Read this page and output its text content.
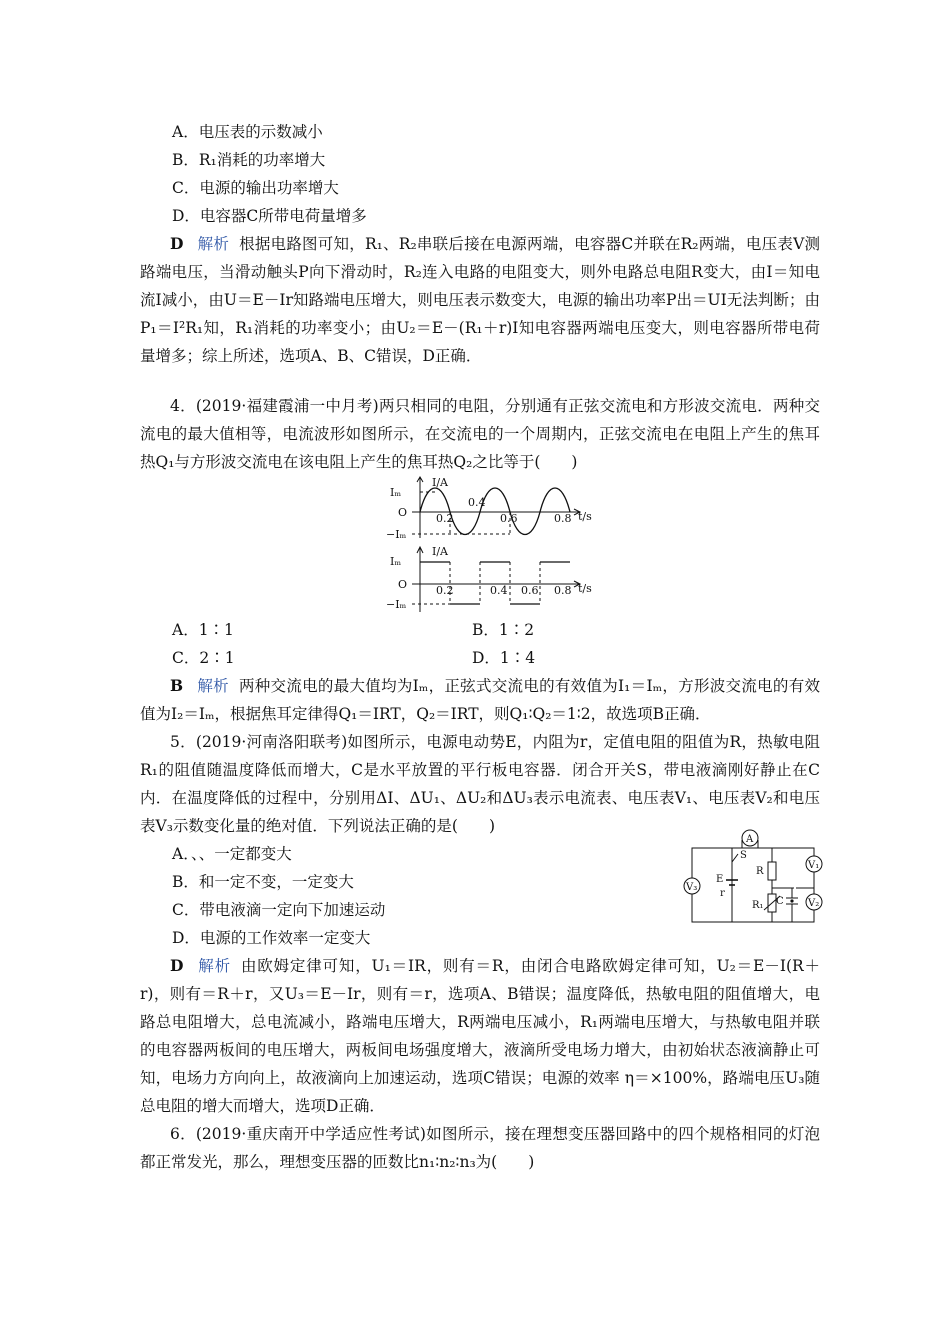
A．电压表的示数减小
B．R₁消耗的功率增大
C．电源的输出功率增大
D．电容器C所带电荷量增多
D 解析 根据电路图可知，R₁、R₂串联后接在电源两端，电容器C并联在R₂两端，电压表V测路端电压，当滑动触头P向下滑动时，R₂连入电路的电阻变大，则外电路总电阻R变大，由I＝知电流I减小，由U＝E－Ir知路端电压增大，则电压表示数变大，电源的输出功率P出＝UI无法判断；由P₁＝I²R₁知，R₁消耗的功率变小；由U₂＝E－(R₁＋r)I知电容器两端电压变大，则电容器所带电荷量增多；综上所述，选项A、B、C错误，D正确．
4．(2019·福建霞浦一中月考)两只相同的电阻，分别通有正弦交流电和方形波交流电．两种交流电的最大值相等，电流波形如图所示，在交流电的一个周期内，正弦交流电在电阻上产生的焦耳热Q₁与方形波交流电在该电阻上产生的焦耳热Q₂之比等于(　　)
I/A
Iₘ
O
−Iₘ
0.2
0.4
0.6	0.8 t/s
I/A
Iₘ
O
−Iₘ
0.2	0.4 0.6 0.8 t/s
A．1∶1	B．1∶2
C．2∶1	D．1∶4
B 解析 两种交流电的最大值均为Iₘ，正弦式交流电的有效值为I₁＝Iₘ，方形波交流电的有效值为I₂＝Iₘ，根据焦耳定律得Q₁＝IRT，Q₂＝IRT，则Q₁∶Q₂＝1∶2，故选项B正确．
5．(2019·河南洛阳联考)如图所示，电源电动势E，内阻为r，定值电阻的阻值为R，热敏电阻R₁的阻值随温度降低而增大，C是水平放置的平行板电容器．闭合开关S，带电液滴刚好静止在C内．在温度降低的过程中，分别用ΔI、ΔU₁、ΔU₂和ΔU₃表示电流表、电压表V₁、电压表V₂和电压表V₃示数变化量的绝对值．下列说法正确的是(　　)
A．、、一定都变大
B．和一定不变，一定变大
C．带电液滴一定向下加速运动
D．电源的工作效率一定变大
A
S
R
V₃
E
r
R₁ C
V₁
V₂
D 解析 由欧姆定律可知，U₁＝IR，则有＝R，由闭合电路欧姆定律可知，U₂＝E－I(R＋r)，则有＝R＋r，又U₃＝E－Ir，则有＝r，选项A、B错误；温度降低，热敏电阻的阻值增大，电路总电阻增大，总电流减小，路端电压增大，R两端电压减小，R₁两端电压增大，与热敏电阻并联的电容器两板间的电压增大，两板间电场强度增大，液滴所受电场力增大，由初始状态液滴静止可知，电场力方向向上，故液滴向上加速运动，选项C错误；电源的效率 η＝×100%，路端电压U₃随总电阻的增大而增大，选项D正确．
6．(2019·重庆南开中学适应性考试)如图所示，接在理想变压器回路中的四个规格相同的灯泡都正常发光，那么，理想变压器的匝数比n₁∶n₂∶n₃为(　　)
